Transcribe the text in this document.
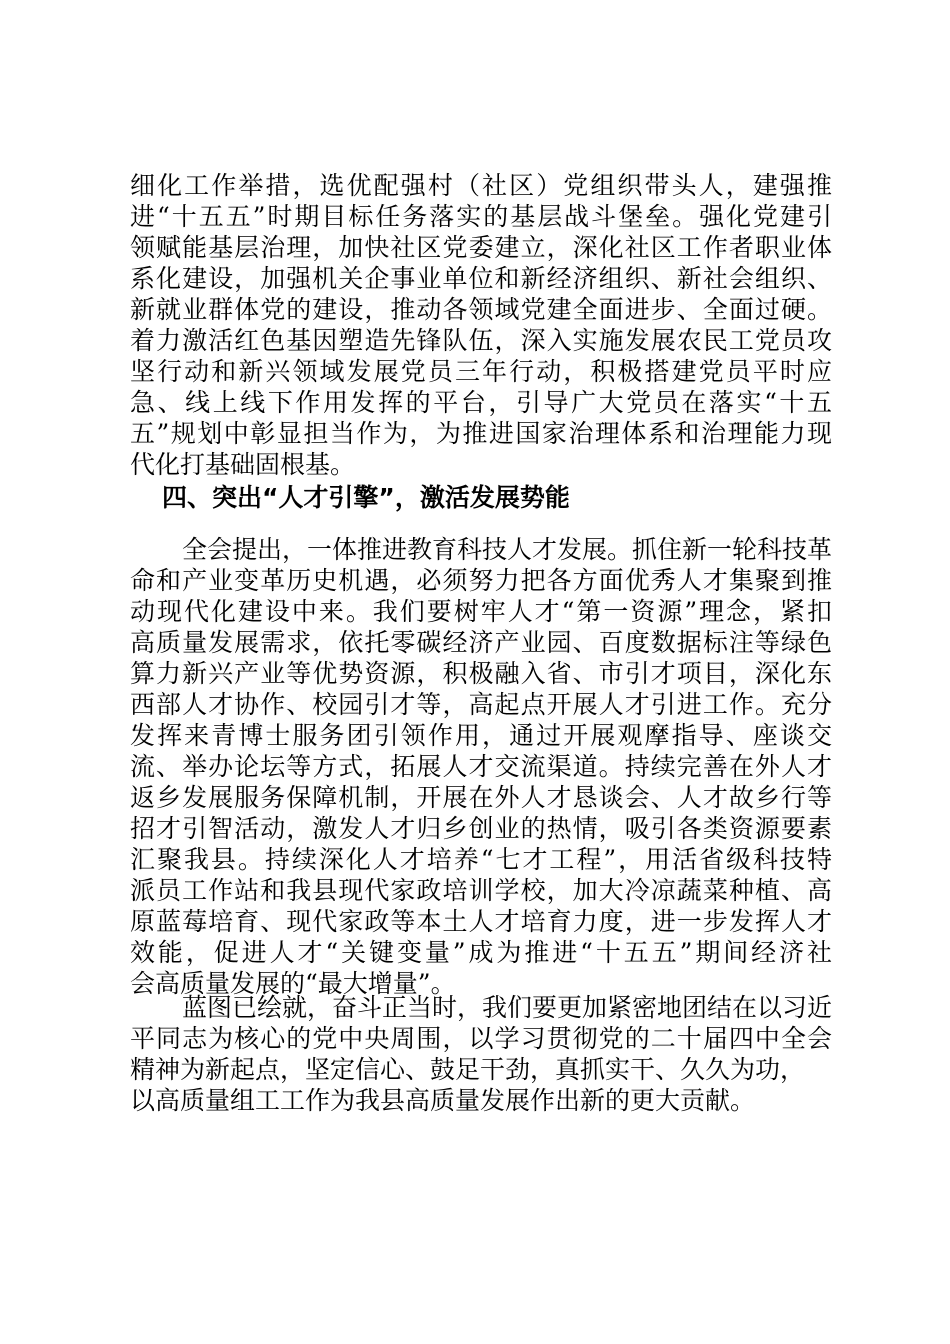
细化工作举措，选优配强村（社区）党组织带头人，建强推
进“十五五”时期目标任务落实的基层战斗堡垒。强化党建引
领赋能基层治理，加快社区党委建立，深化社区工作者职业体
系化建设，加强机关企事业单位和新经济组织、新社会组织、
新就业群体党的建设，推动各领域党建全面进步、全面过硬。
着力激活红色基因塑造先锋队伍，深入实施发展农民工党员攻
坚行动和新兴领域发展党员三年行动，积极搭建党员平时应
急、线上线下作用发挥的平台，引导广大党员在落实“十五
五”规划中彰显担当作为，为推进国家治理体系和治理能力现
代化打基础固根基。
四、突出“人才引擎”，激活发展势能
全会提出，一体推进教育科技人才发展。抓住新一轮科技革
命和产业变革历史机遇，必须努力把各方面优秀人才集聚到推
动现代化建设中来。我们要树牢人才“第一资源”理念，紧扣
高质量发展需求，依托零碳经济产业园、百度数据标注等绿色
算力新兴产业等优势资源，积极融入省、市引才项目，深化东
西部人才协作、校园引才等，高起点开展人才引进工作。充分
发挥来青博士服务团引领作用，通过开展观摩指导、座谈交
流、举办论坛等方式，拓展人才交流渠道。持续完善在外人才
返乡发展服务保障机制，开展在外人才恳谈会、人才故乡行等
招才引智活动，激发人才归乡创业的热情，吸引各类资源要素
汇聚我县。持续深化人才培养“七才工程”，用活省级科技特
派员工作站和我县现代家政培训学校，加大冷凉蔬菜种植、高
原蓝莓培育、现代家政等本土人才培育力度，进一步发挥人才
效能，促进人才“关键变量”成为推进“十五五”期间经济社
会高质量发展的“最大增量”。
蓝图已绘就，奋斗正当时，我们要更加紧密地团结在以习近
平同志为核心的党中央周围，以学习贯彻党的二十届四中全会
精神为新起点，坚定信心、鼓足干劲，真抓实干、久久为功，
以高质量组工工作为我县高质量发展作出新的更大贡献。
